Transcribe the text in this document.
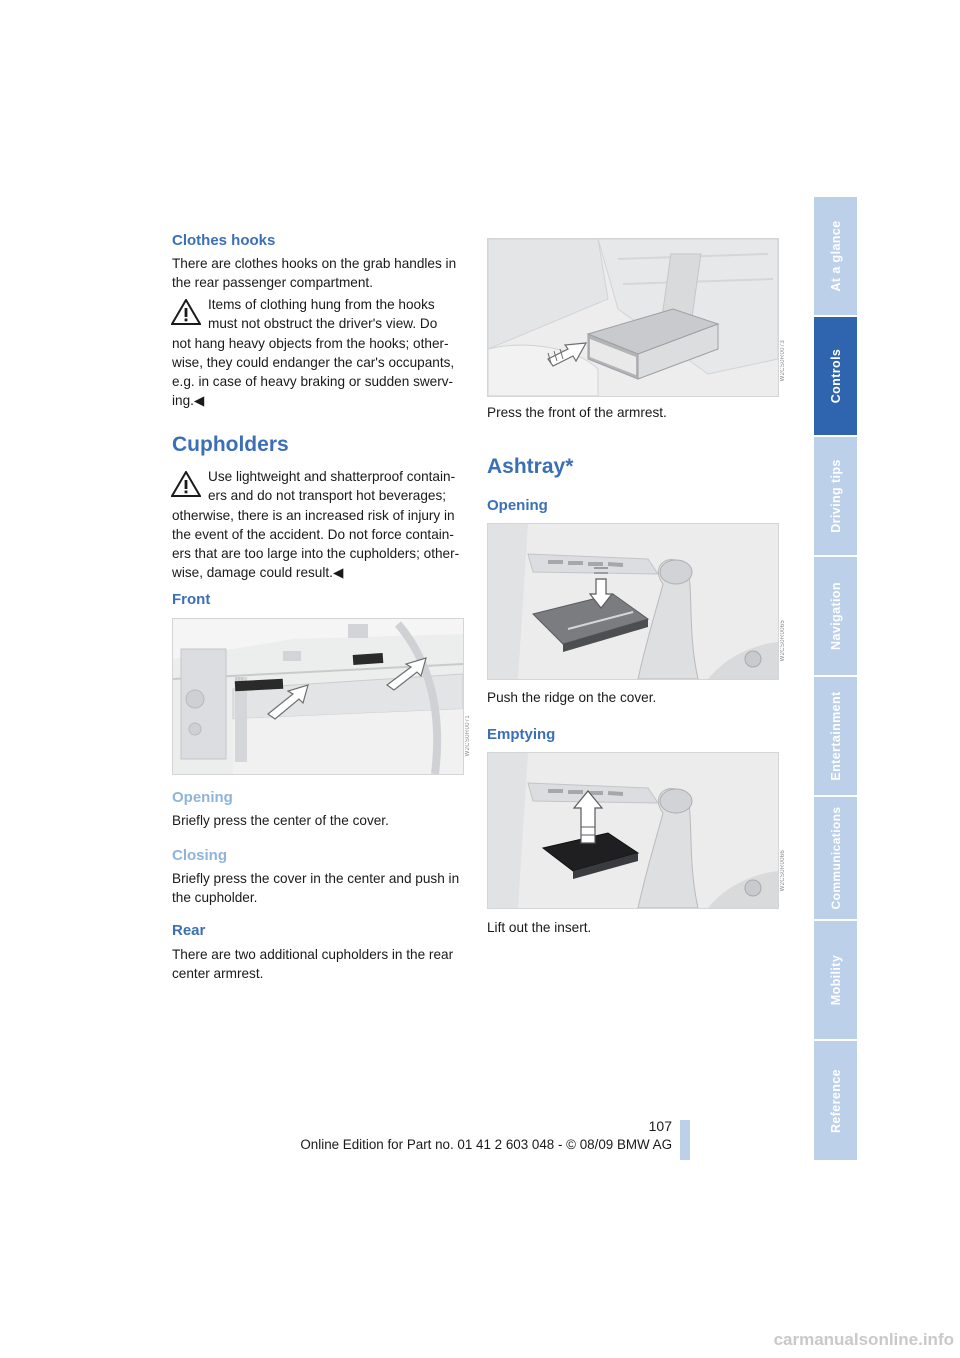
Clothes hooks
There are clothes hooks on the grab handles in
the rear passenger compartment.
Items of clothing hung from the hooks
must not obstruct the driver's view. Do
not hang heavy objects from the hooks; other-
wise, they could endanger the car's occupants,
e.g. in case of heavy braking or sudden swerv-
ing.◀
Cupholders
Use lightweight and shatterproof contain-
ers and do not transport hot beverages;
otherwise, there is an increased risk of injury in
the event of the accident. Do not force contain-
ers that are too large into the cupholders; other-
wise, damage could result.◀
Front
W2CS0R0071
Opening
Briefly press the center of the cover.
Closing
Briefly press the cover in the center and push in
the cupholder.
Rear
There are two additional cupholders in the rear
center armrest.
W2CS0R0073
Press the front of the armrest.
Ashtray*
Opening
W2CS0R0065
Push the ridge on the cover.
Emptying
W2CS0R0066
Lift out the insert.
At a glance
Controls
Driving tips
Navigation
Entertainment
Communications
Mobility
Reference
107
Online Edition for Part no. 01 41 2 603 048 - © 08/09 BMW AG
carmanualsonline.info
